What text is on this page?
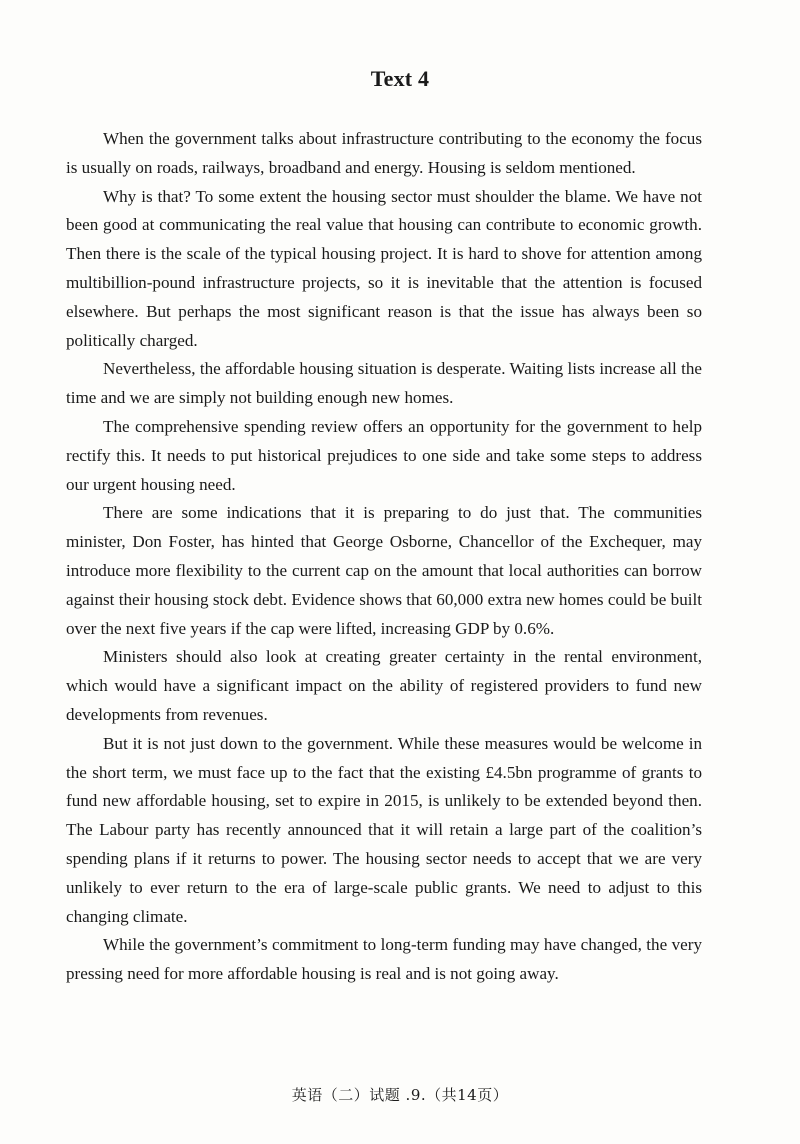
Text 4

When the government talks about infrastructure contributing to the economy the focus is usually on roads, railways, broadband and energy. Housing is seldom mentioned.

Why is that? To some extent the housing sector must shoulder the blame. We have not been good at communicating the real value that housing can contribute to economic growth. Then there is the scale of the typical housing project. It is hard to shove for attention among multibillion-pound infrastructure projects, so it is inevitable that the attention is focused elsewhere. But perhaps the most significant reason is that the issue has always been so politically charged.

Nevertheless, the affordable housing situation is desperate. Waiting lists increase all the time and we are simply not building enough new homes.

The comprehensive spending review offers an opportunity for the government to help rectify this. It needs to put historical prejudices to one side and take some steps to address our urgent housing need.

There are some indications that it is preparing to do just that. The communities minister, Don Foster, has hinted that George Osborne, Chancellor of the Exchequer, may introduce more flexibility to the current cap on the amount that local authorities can borrow against their housing stock debt. Evidence shows that 60,000 extra new homes could be built over the next five years if the cap were lifted, increasing GDP by 0.6%.

Ministers should also look at creating greater certainty in the rental environment, which would have a significant impact on the ability of registered providers to fund new developments from revenues.

But it is not just down to the government. While these measures would be welcome in the short term, we must face up to the fact that the existing £4.5bn programme of grants to fund new affordable housing, set to expire in 2015, is unlikely to be extended beyond then. The Labour party has recently announced that it will retain a large part of the coalition’s spending plans if it returns to power. The housing sector needs to accept that we are very unlikely to ever return to the era of large-scale public grants. We need to adjust to this changing climate.

While the government’s commitment to long-term funding may have changed, the very pressing need for more affordable housing is real and is not going away.

英语（二）试题 .9.（共14页）
